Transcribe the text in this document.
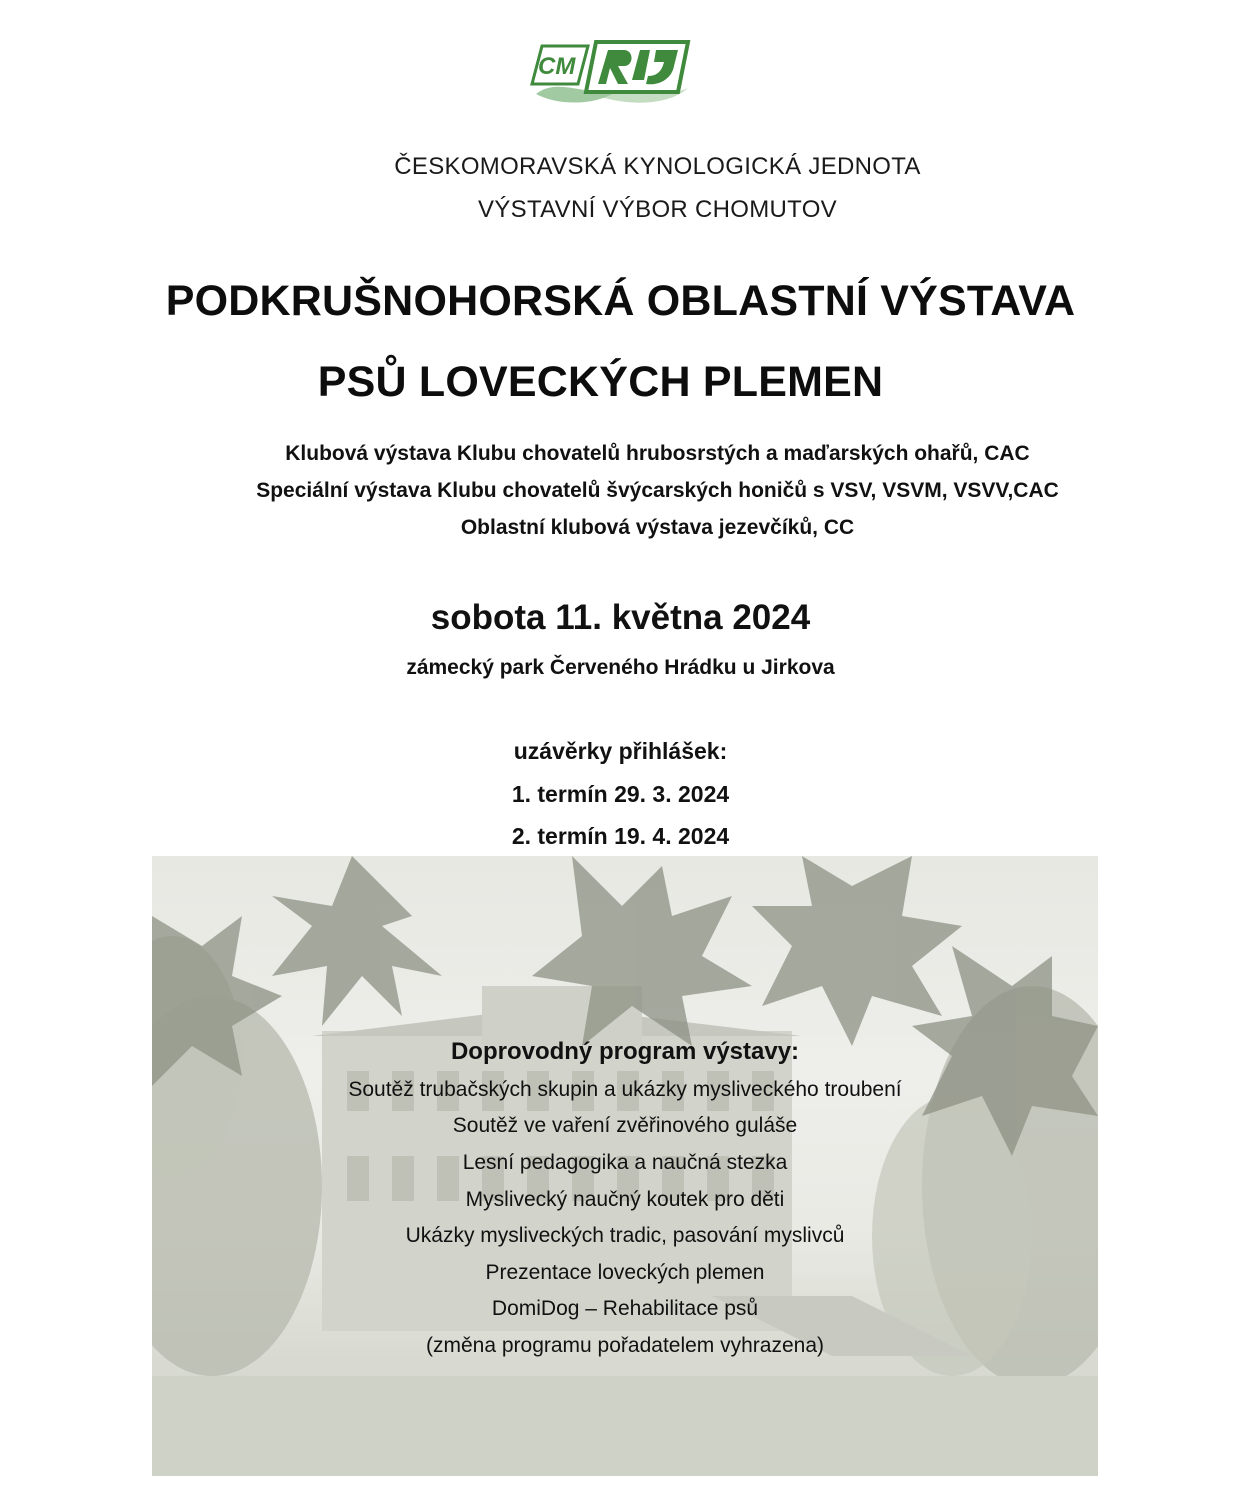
CM
ČESKOMORAVSKÁ KYNOLOGICKÁ JEDNOTA
VÝSTAVNÍ VÝBOR CHOMUTOV
PODKRUŠNOHORSKÁ OBLASTNÍ VÝSTAVA
PSŮ LOVECKÝCH PLEMEN
Klubová výstava Klubu chovatelů hrubosrstých a maďarských ohařů, CAC
Speciální výstava Klubu chovatelů švýcarských honičů s VSV, VSVM, VSVV,CAC
Oblastní klubová výstava jezevčíků, CC
sobota 11. května 2024
zámecký park Červeného Hrádku u Jirkova
uzávěrky přihlášek:
1. termín 29. 3. 2024
2. termín 19. 4. 2024
Doprovodný program výstavy:
Soutěž trubačských skupin a ukázky mysliveckého troubení
Soutěž ve vaření zvěřinového guláše
Lesní pedagogika a naučná stezka
Myslivecký naučný koutek pro děti
Ukázky mysliveckých tradic, pasování myslivců
Prezentace loveckých plemen
DomiDog – Rehabilitace psů
(změna programu pořadatelem vyhrazena)
